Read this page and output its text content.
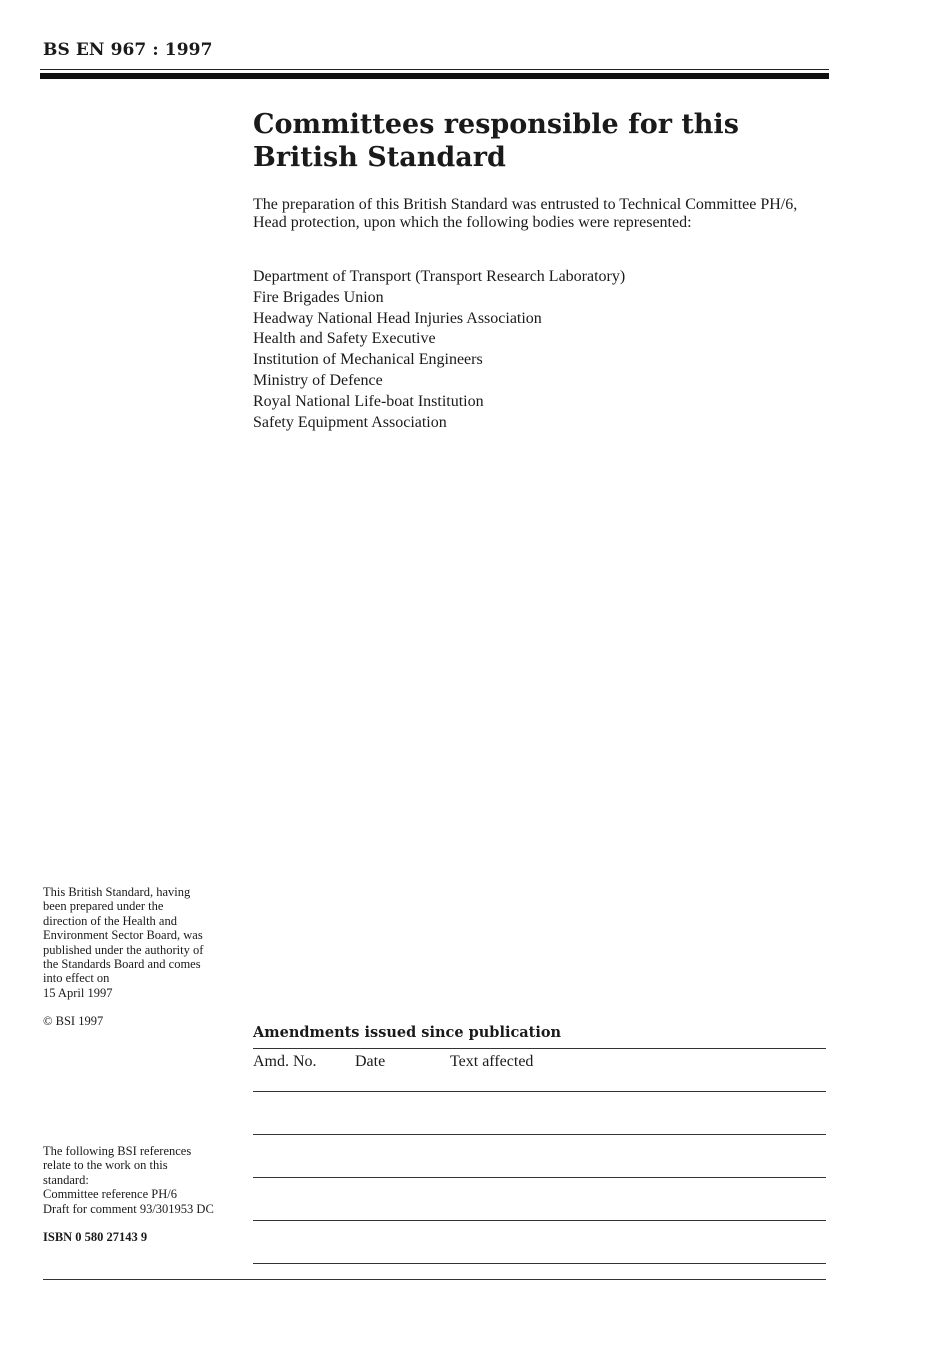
BS EN 967 : 1997
Committees responsible for this
British Standard
The preparation of this British Standard was entrusted to Technical Committee PH/6, Head protection, upon which the following bodies were represented:
Department of Transport (Transport Research Laboratory)
Fire Brigades Union
Headway National Head Injuries Association
Health and Safety Executive
Institution of Mechanical Engineers
Ministry of Defence
Royal National Life-boat Institution
Safety Equipment Association
This British Standard, having
been prepared under the
direction of the Health and
Environment Sector Board, was
published under the authority of
the Standards Board and comes
into effect on
15 April 1997
© BSI 1997
The following BSI references
relate to the work on this
standard:
Committee reference PH/6
Draft for comment 93/301953 DC
ISBN 0 580 27143 9
Amendments issued since publication
Amd. No. Date	Text affected
